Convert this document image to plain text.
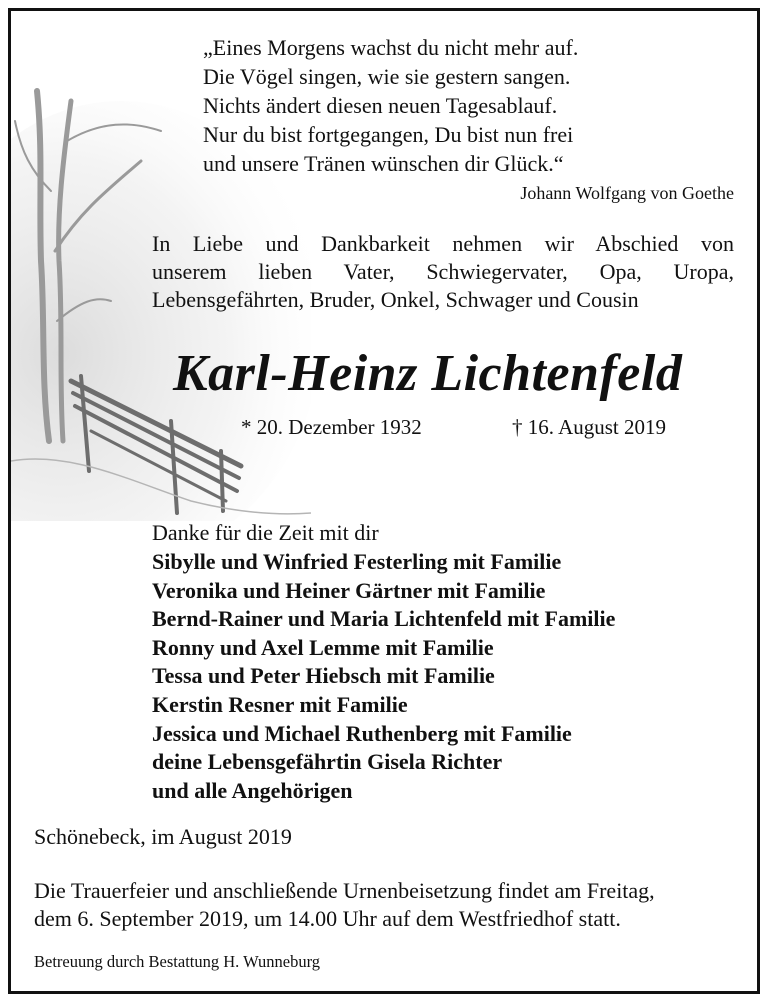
„Eines Morgens wachst du nicht mehr auf.
Die Vögel singen, wie sie gestern sangen.
Nichts ändert diesen neuen Tagesablauf.
Nur du bist fortgegangen, Du bist nun frei
und unsere Tränen wünschen dir Glück.“
Johann Wolfgang von Goethe
In Liebe und Dankbarkeit nehmen wir Abschied von
unserem lieben Vater, Schwiegervater, Opa, Uropa,
Lebensgefährten, Bruder, Onkel, Schwager und Cousin
Karl-Heinz Lichtenfeld
* 20. Dezember 1932	† 16. August 2019
Danke für die Zeit mit dir
Sibylle und Winfried Festerling mit Familie
Veronika und Heiner Gärtner mit Familie
Bernd-Rainer und Maria Lichtenfeld mit Familie
Ronny und Axel Lemme mit Familie
Tessa und Peter Hiebsch mit Familie
Kerstin Resner mit Familie
Jessica und Michael Ruthenberg mit Familie
deine Lebensgefährtin Gisela Richter
und alle Angehörigen
Schönebeck, im August 2019
Die Trauerfeier und anschließende Urnenbeisetzung findet am Freitag,
dem 6. September 2019, um 14.00 Uhr auf dem Westfriedhof statt.
Betreuung durch Bestattung H. Wunneburg
